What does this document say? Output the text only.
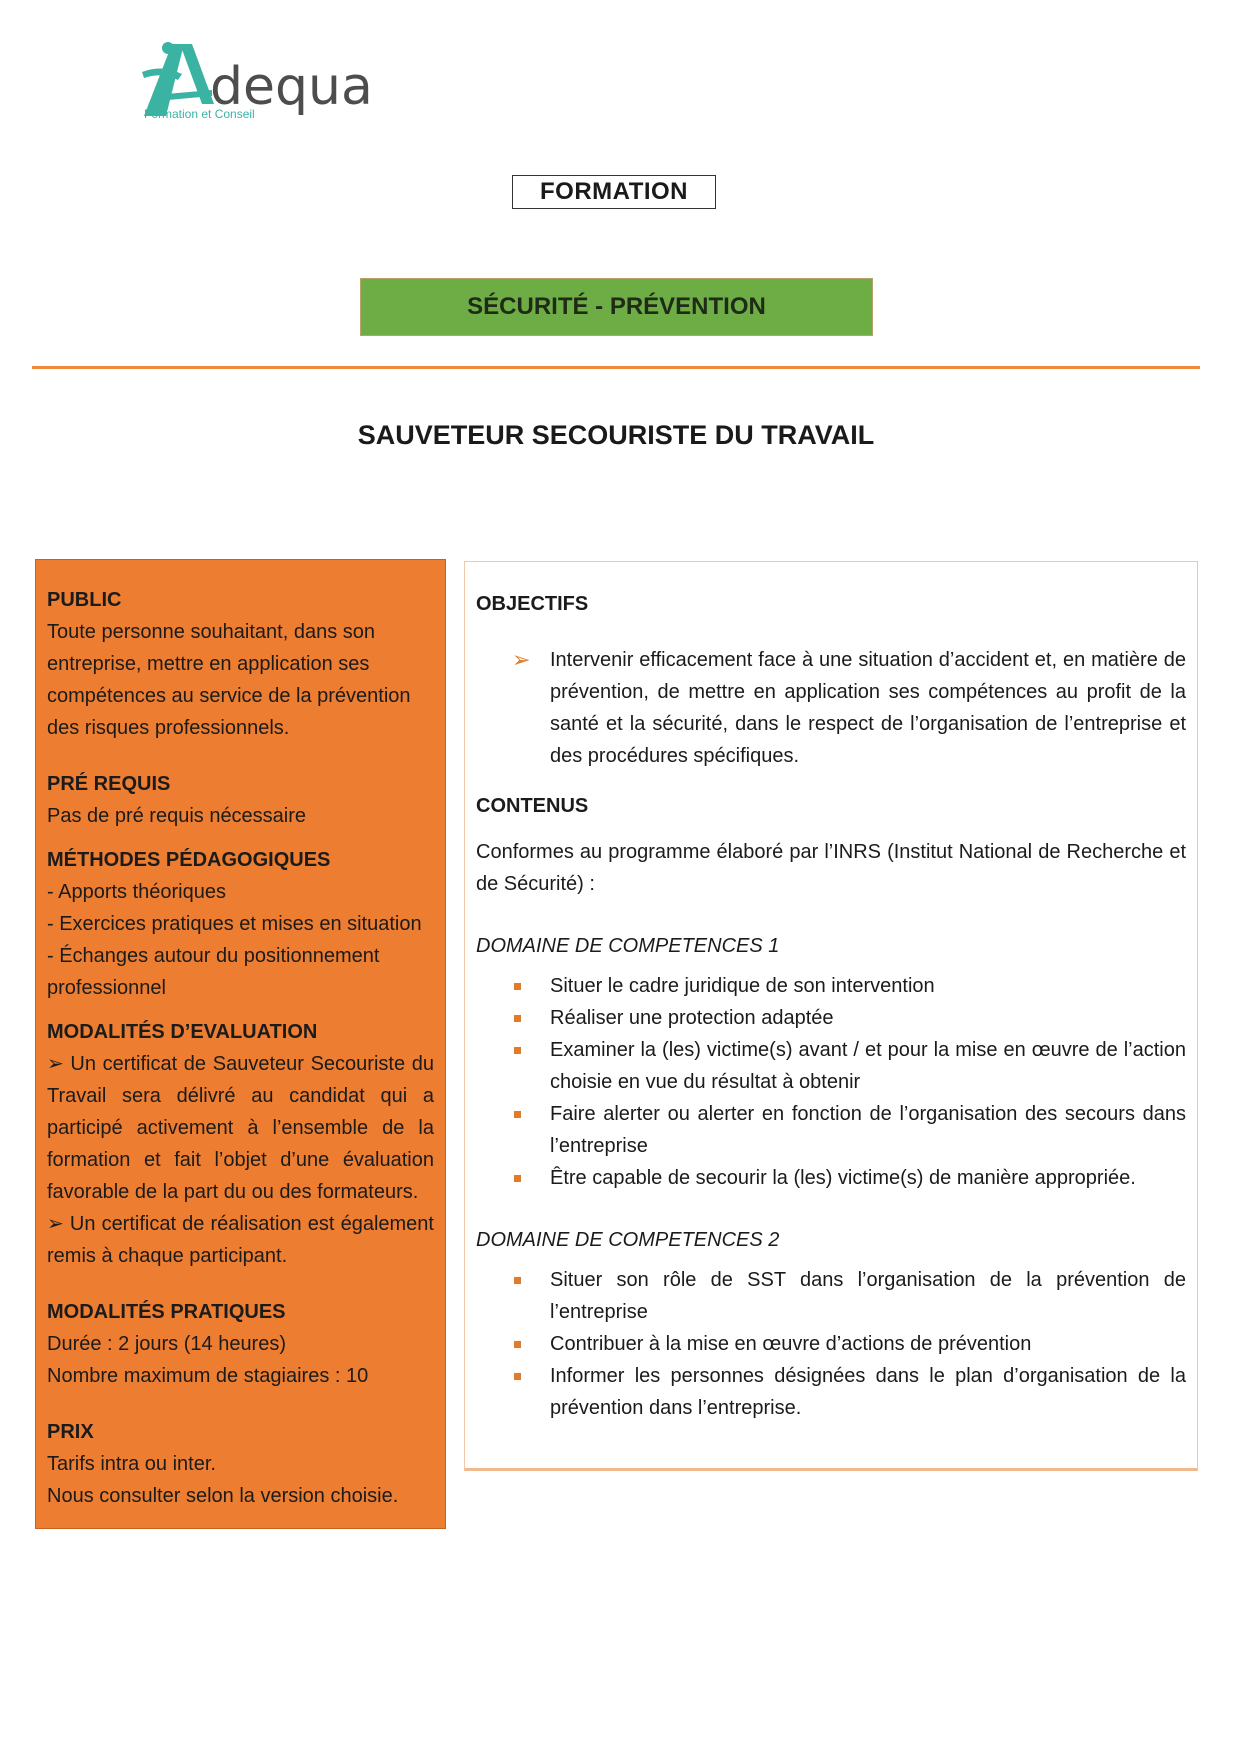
dequa
Formation et Conseil
FORMATION
SÉCURITÉ - PRÉVENTION
SAUVETEUR SECOURISTE DU TRAVAIL

PUBLIC

Toute personne souhaitant, dans son entreprise, mettre en application ses compétences au service de la prévention des risques professionnels.

PRÉ REQUIS

Pas de pré requis nécessaire

MÉTHODES PÉDAGOGIQUES

- Apports théoriques

- Exercices pratiques et mises en situation

- Échanges autour du positionnement professionnel

MODALITÉS D’EVALUATION

➢ Un certificat de Sauveteur Secouriste du Travail sera délivré au candidat qui a participé activement à l’ensemble de la formation et fait l’objet d’une évaluation favorable de la part du ou des formateurs.

➢ Un certificat de réalisation est également remis à chaque participant.

MODALITÉS PRATIQUES

Durée : 2 jours (14 heures)

Nombre maximum de stagiaires : 10

PRIX

Tarifs intra ou inter.

Nous consulter selon la version choisie.

OBJECTIFS

➢ Intervenir efficacement face à une situation d’accident et, en matière de prévention, de mettre en application ses compétences au profit de la santé et la sécurité, dans le respect de l’organisation de l’entreprise et des procédures spécifiques.

CONTENUS

Conformes au programme élaboré par l’INRS (Institut National de Recherche et de Sécurité) :

DOMAINE DE COMPETENCES 1

Situer le cadre juridique de son intervention
Réaliser une protection adaptée
Examiner la (les) victime(s) avant / et pour la mise en œuvre de l’action choisie en vue du résultat à obtenir
Faire alerter ou alerter en fonction de l’organisation des secours dans l’entreprise
Être capable de secourir la (les) victime(s) de manière appropriée.

DOMAINE DE COMPETENCES 2

Situer son rôle de SST dans l’organisation de la prévention de l’entreprise
Contribuer à la mise en œuvre d’actions de prévention
Informer les personnes désignées dans le plan d’organisation de la prévention dans l’entreprise.
